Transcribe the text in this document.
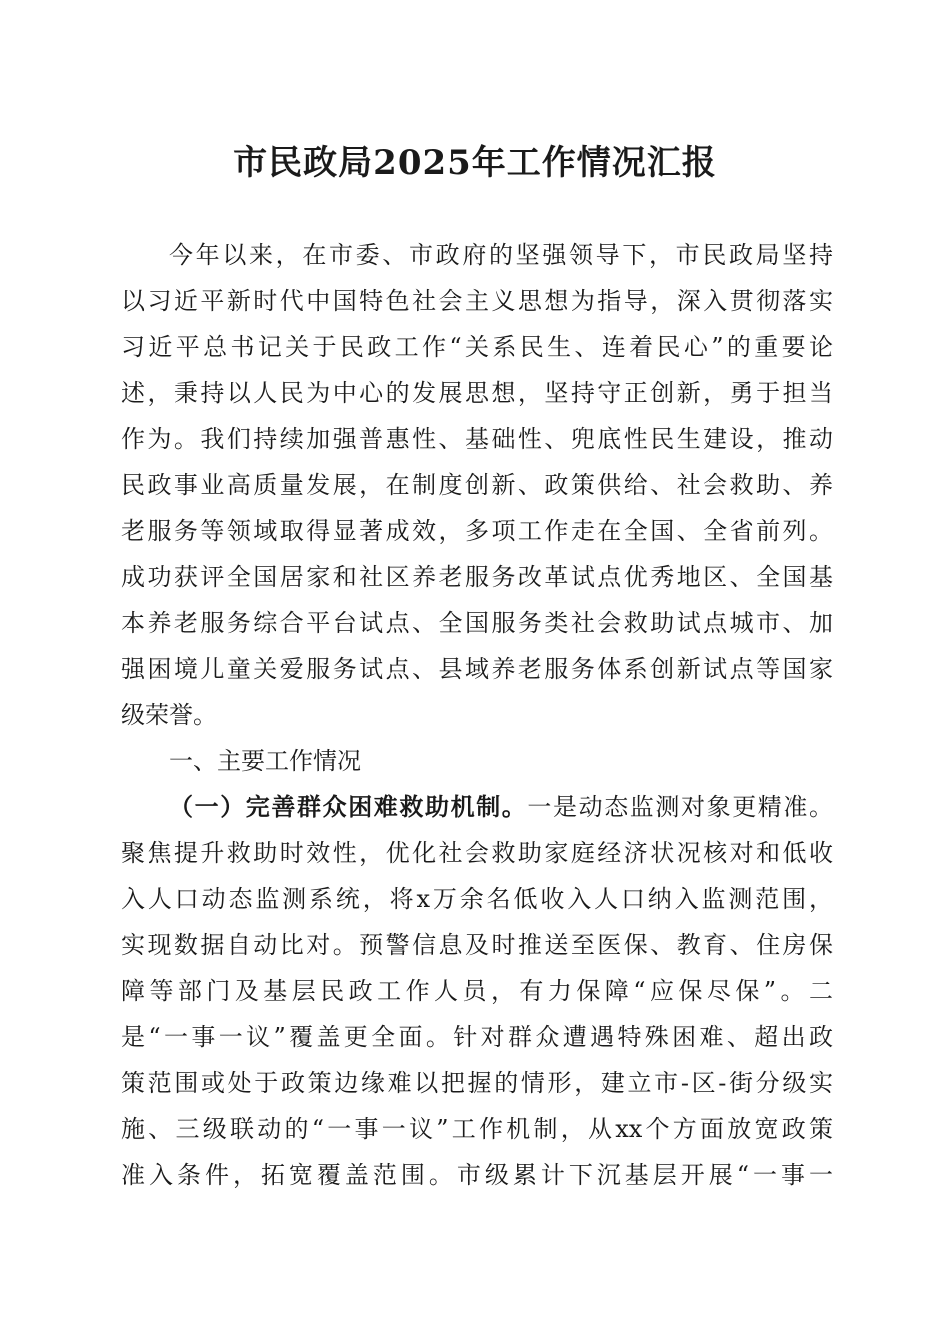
市民政局2025年工作情况汇报
今年以来，在市委、市政府的坚强领导下，市民政局坚持
以习近平新时代中国特色社会主义思想为指导，深入贯彻落实
习近平总书记关于民政工作“关系民生、连着民心”的重要论
述，秉持以人民为中心的发展思想，坚持守正创新，勇于担当
作为。我们持续加强普惠性、基础性、兜底性民生建设，推动
民政事业高质量发展，在制度创新、政策供给、社会救助、养
老服务等领域取得显著成效，多项工作走在全国、全省前列。
成功获评全国居家和社区养老服务改革试点优秀地区、全国基
本养老服务综合平台试点、全国服务类社会救助试点城市、加
强困境儿童关爱服务试点、县域养老服务体系创新试点等国家
级荣誉。
一、主要工作情况
（一）完善群众困难救助机制。一是动态监测对象更精准。
聚焦提升救助时效性，优化社会救助家庭经济状况核对和低收
入人口动态监测系统，将x万余名低收入人口纳入监测范围，
实现数据自动比对。预警信息及时推送至医保、教育、住房保
障等部门及基层民政工作人员，有力保障“应保尽保”。二
是“一事一议”覆盖更全面。针对群众遭遇特殊困难、超出政
策范围或处于政策边缘难以把握的情形，建立市-区-街分级实
施、三级联动的“一事一议”工作机制，从xx个方面放宽政策
准入条件，拓宽覆盖范围。市级累计下沉基层开展“一事一
